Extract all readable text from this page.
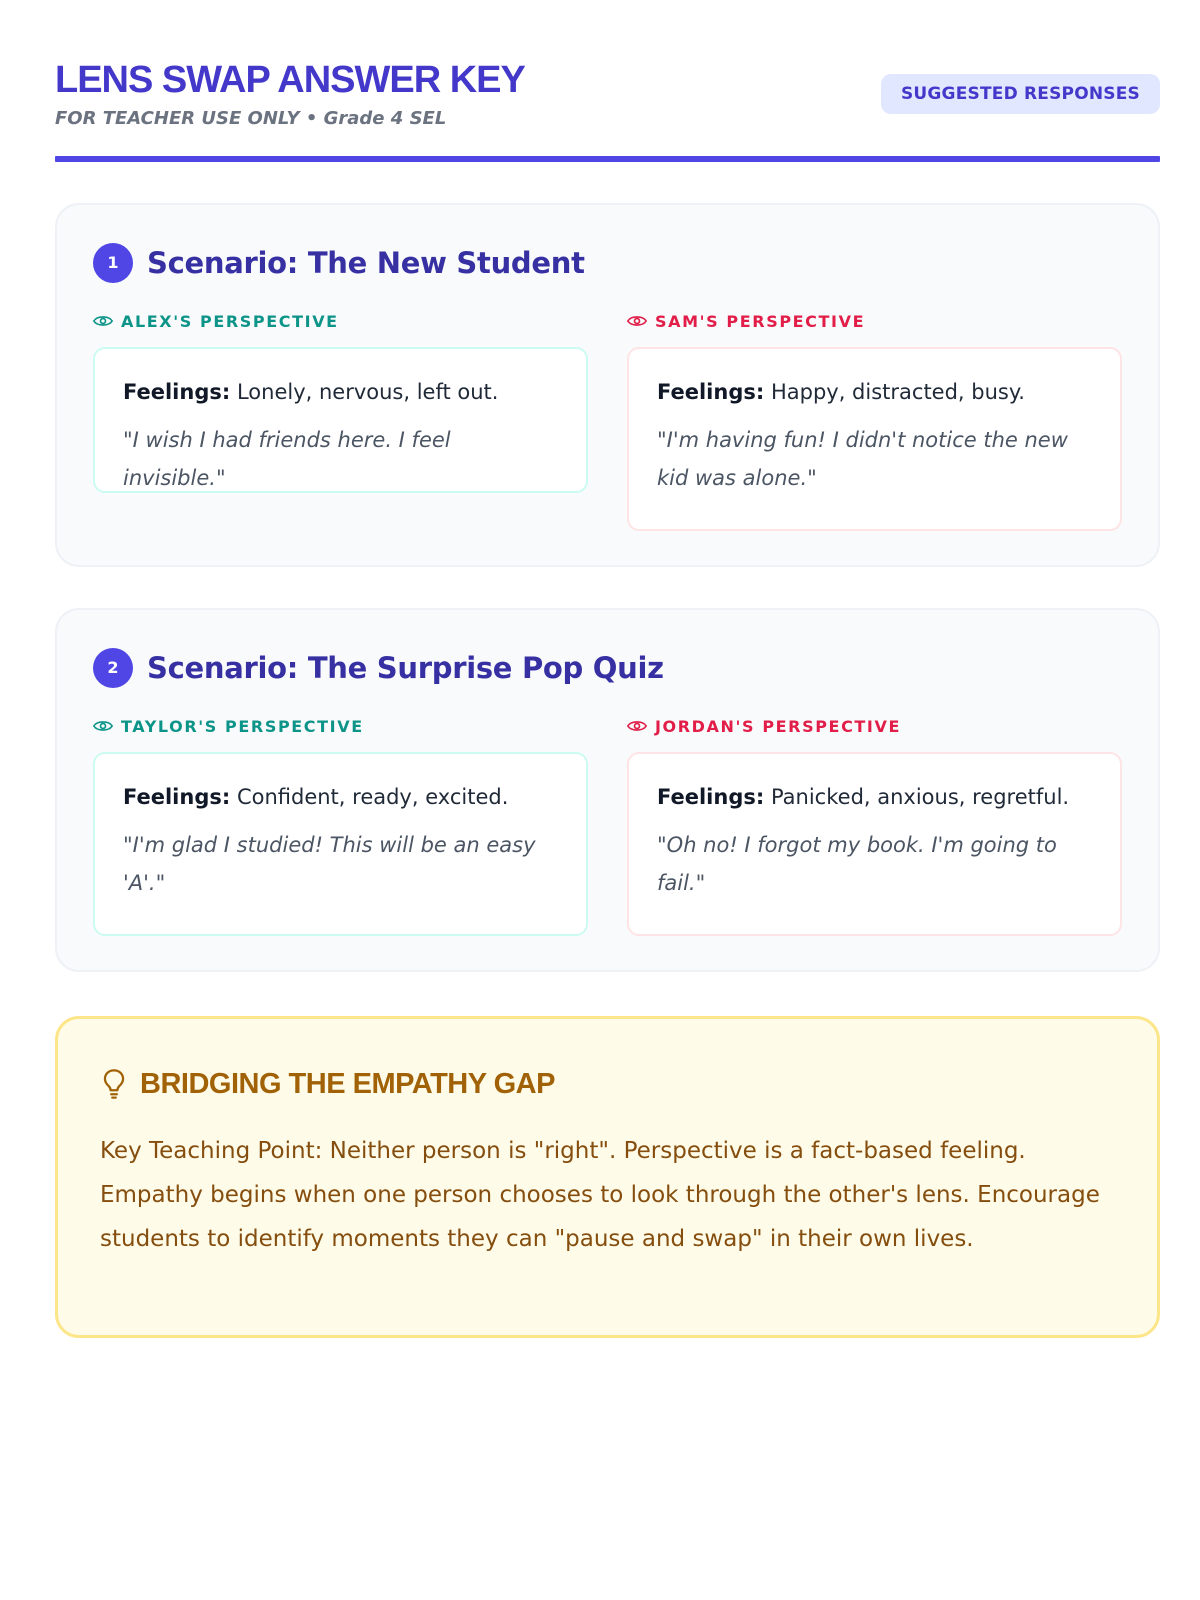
LENS SWAP ANSWER KEY
FOR TEACHER USE ONLY • Grade 4 SEL
SUGGESTED RESPONSES
1 Scenario: The New Student
ALEX'S PERSPECTIVE	SAM'S PERSPECTIVE
Feelings: Lonely, nervous, left out.
"I wish I had friends here. I feel invisible."
Feelings: Happy, distracted, busy.
"I'm having fun! I didn't notice the new kid was alone."
2 Scenario: The Surprise Pop Quiz
TAYLOR'S PERSPECTIVE	JORDAN'S PERSPECTIVE
Feelings: Confident, ready, excited.
"I'm glad I studied! This will be an easy 'A'."
Feelings: Panicked, anxious, regretful.
"Oh no! I forgot my book. I'm going to fail."
BRIDGING THE EMPATHY GAP

Key Teaching Point: Neither person is "right". Perspective is a fact-based feeling. Empathy begins when one person chooses to look through the other's lens. Encourage students to identify moments they can "pause and swap" in their own lives.
